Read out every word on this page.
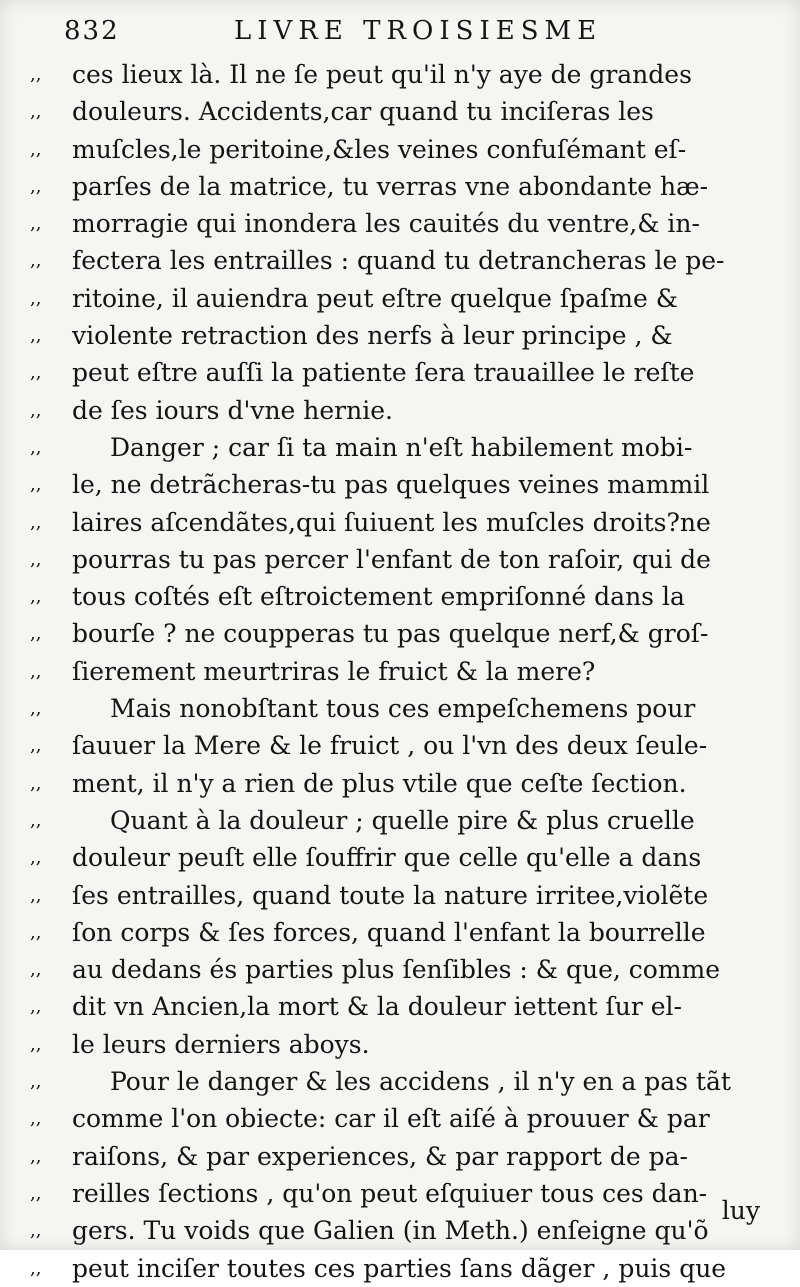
832	LIVRE TROISIESME
,, ces lieux là. Il ne ſe peut qu'il n'y aye de grandes
,, douleurs. Accidents,car quand tu inciſeras les
,, muſcles,le peritoine,&les veines confuſémant eſ-
,, parſes de la matrice, tu verras vne abondante hæ-
,, morragie qui inondera les cauités du ventre,& in-
,, fectera les entrailles : quand tu detrancheras le pe-
,, ritoine, il auiendra peut eſtre quelque ſpaſme &
,, violente retraction des nerfs à leur principe , &
,, peut eſtre auſſi la patiente ſera trauaillee le reſte
,, de ſes iours d'vne hernie.
,,	Danger ; car ſi ta main n'eſt habilement mobi-
,, le, ne detrãcheras-tu pas quelques veines mammil
,, laires aſcendãtes,qui ſuiuent les muſcles droits?ne
,, pourras tu pas percer l'enfant de ton raſoir, qui de
,, tous coſtés eſt eſtroictement empriſonné dans la
,, bourſe ? ne coupperas tu pas quelque nerf,& groſ-
,, ſierement meurtriras le fruict & la mere?
,,	Mais nonobſtant tous ces empeſchemens pour
,, ſauuer la Mere & le fruict , ou l'vn des deux ſeule-
,, ment, il n'y a rien de plus vtile que ceſte ſection.
,,	Quant à la douleur ; quelle pire & plus cruelle
,, douleur peuſt elle ſouffrir que celle qu'elle a dans
,, ſes entrailles, quand toute la nature irritee,violẽte
,, ſon corps & ſes forces, quand l'enfant la bourrelle
,, au dedans és parties plus ſenſibles : & que, comme
,, dit vn Ancien,la mort & la douleur iettent ſur el-
,, le leurs derniers aboys.
,,	Pour le danger & les accidens , il n'y en a pas tãt
,, comme l'on obiecte: car il eſt aiſé à prouuer & par
,, raiſons, & par experiences, & par rapport de pa-
,, reilles ſections , qu'on peut eſquiuer tous ces dan-
,, gers. Tu voids que Galien (in Meth.) enſeigne qu'õ
,, peut inciſer toutes ces parties ſans dãger , puis que
luy
